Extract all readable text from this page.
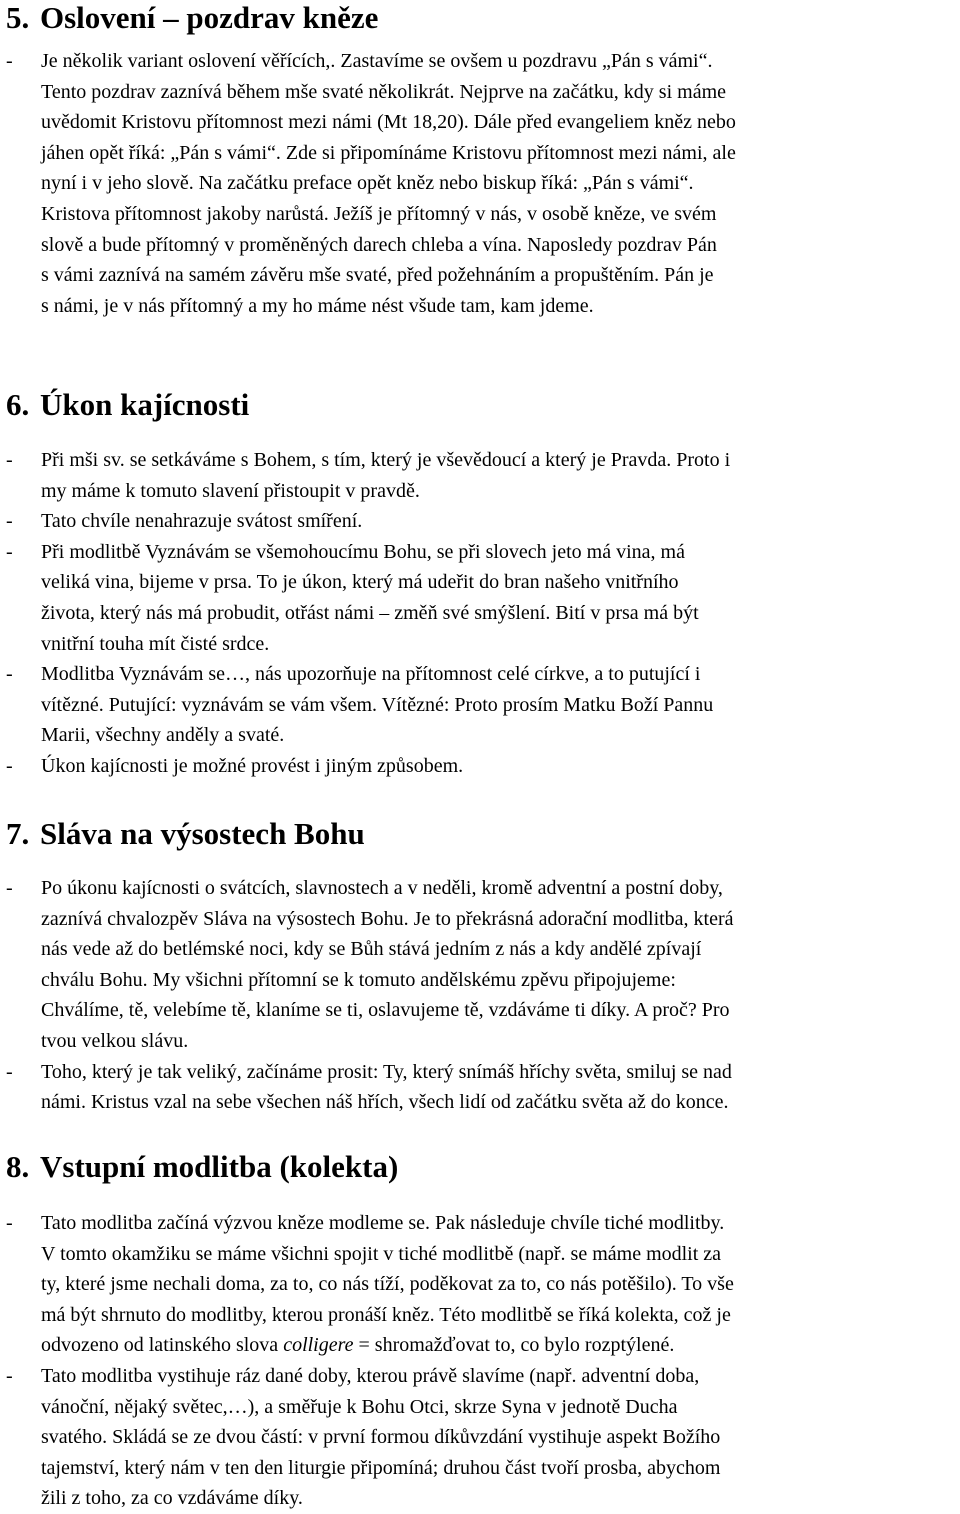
5. Oslovení – pozdrav kněze
- Je několik variant oslovení věřících,. Zastavíme se ovšem u pozdravu „Pán s vámi“.
Tento pozdrav zaznívá během mše svaté několikrát. Nejprve na začátku, kdy si máme
uvědomit Kristovu přítomnost mezi námi (Mt 18,20). Dále před evangeliem kněz nebo
jáhen opět říká: „Pán s vámi“. Zde si připomínáme Kristovu přítomnost mezi námi, ale
nyní i v jeho slově. Na začátku preface opět kněz nebo biskup říká: „Pán s vámi“.
Kristova přítomnost jakoby narůstá. Ježíš je přítomný v nás, v osobě kněze, ve svém
slově a bude přítomný v proměněných darech chleba a vína. Naposledy pozdrav Pán
s vámi zaznívá na samém závěru mše svaté, před požehnáním a propuštěním. Pán je
s námi, je v nás přítomný a my ho máme nést všude tam, kam jdeme.
6. Úkon kajícnosti
- Při mši sv. se setkáváme s Bohem, s tím, který je vševědoucí a který je Pravda. Proto i
my máme k tomuto slavení přistoupit v pravdě.
- Tato chvíle nenahrazuje svátost smíření.
- Při modlitbě Vyznávám se všemohoucímu Bohu, se při slovech jeto má vina, má
veliká vina, bijeme v prsa. To je úkon, který má udeřit do bran našeho vnitřního
života, který nás má probudit, otřást námi – změň své smýšlení. Bití v prsa má být
vnitřní touha mít čisté srdce.
- Modlitba Vyznávám se…, nás upozorňuje na přítomnost celé církve, a to putující i
vítězné. Putující: vyznávám se vám všem. Vítězné: Proto prosím Matku Boží Pannu
Marii, všechny anděly a svaté.
- Úkon kajícnosti je možné provést i jiným způsobem.
7. Sláva na výsostech Bohu
- Po úkonu kajícnosti o svátcích, slavnostech a v neděli, kromě adventní a postní doby,
zaznívá chvalozpěv Sláva na výsostech Bohu. Je to překrásná adorační modlitba, která
nás vede až do betlémské noci, kdy se Bůh stává jedním z nás a kdy andělé zpívají
chválu Bohu. My všichni přítomní se k tomuto andělskému zpěvu připojujeme:
Chválíme, tě, velebíme tě, klaníme se ti, oslavujeme tě, vzdáváme ti díky. A proč? Pro
tvou velkou slávu.
- Toho, který je tak veliký, začínáme prosit: Ty, který snímáš hříchy světa, smiluj se nad
námi. Kristus vzal na sebe všechen náš hřích, všech lidí od začátku světa až do konce.
8. Vstupní modlitba (kolekta)
- Tato modlitba začíná výzvou kněze modleme se. Pak následuje chvíle tiché modlitby.
V tomto okamžiku se máme všichni spojit v tiché modlitbě (např. se máme modlit za
ty, které jsme nechali doma, za to, co nás tíží, poděkovat za to, co nás potěšilo). To vše
má být shrnuto do modlitby, kterou pronáší kněz. Této modlitbě se říká kolekta, což je
odvozeno od latinského slova colligere = shromažďovat to, co bylo rozptýlené.
- Tato modlitba vystihuje ráz dané doby, kterou právě slavíme (např. adventní doba,
vánoční, nějaký světec,…), a směřuje k Bohu Otci, skrze Syna v jednotě Ducha
svatého. Skládá se ze dvou částí: v první formou díkůvzdání vystihuje aspekt Božího
tajemství, který nám v ten den liturgie připomíná; druhou část tvoří prosba, abychom
žili z toho, za co vzdáváme díky.
